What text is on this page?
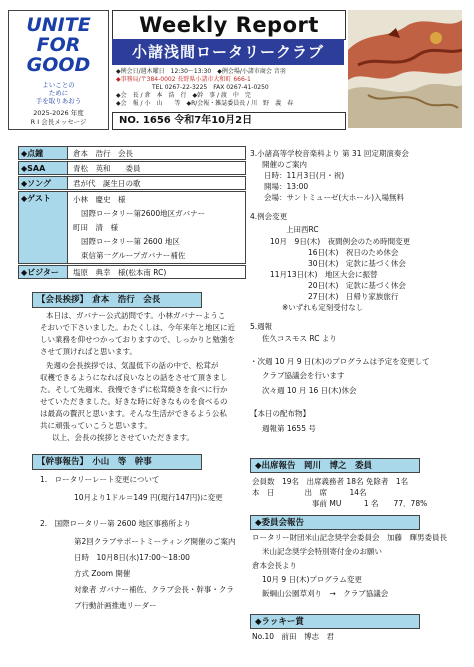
UNITE
FOR
GOOD
よいことの
ために
手を取りあおう
2025-2026 年度
R I 会長メッセージ
Weekly Report
小諸浅間ロータリークラブ
◆例会日/週木曜日　12:30～13:30　◆例会場/小諸市商会 音羽
◆事務局/〒384-0002 長野県小諸市大和町 666-1
TEL 0267-22-3225　FAX 0267-41-0250
◆会　長 / 倉　本　浩　行　◆幹　事 / 渡　中　完
◆会　報 / 小　山　　等　◆R/会報・雑誌委員長 / 川　野　義　春
NO. 1656 令和7年10月2日
◆点鐘	倉本　浩行　会長
◆SAA	青松　英和　　委員
◆ソング	君が代　誕生日の歌
◆ゲスト	小林　慶史　様
国際ロータリー第2600地区ガバナー
町田　清　様
国際ロータリー第 2600 地区
東信第一グループガバナー補佐
◆ビジター 塩原　典幸　様(松本南 RC)
【会長挨拶】　倉本　浩行　会長
本日は、ガバナー公式訪問です。小林ガバナーようこ
そおいで下さいました。わたくしは、今年来年と地区に近
しい業務を仰せつかっておりますので、しっかりと勉強を
させて頂ければと思います。
先週の会長挨拶では、気温低下の話の中で、松茸が
収穫できるようになれば良いなとの話をさせて頂きまし
た。そして先週末、我慢できずに松茸焼きを食べに行か
せていただきました。好きな時に好きなものを食べるの
は最高の贅沢と思います。そんな生活ができるよう公私
共に頑張っていこうと思います。
以上、会長の挨拶とさせていただきます。
【幹事報告】　小山　等　幹事
1.　ロータリーレート変更について
10月より1ドル＝149 円(現行147円)に変更
2.　国際ロータリー第 2600 地区事務所より
第2回クラブサポートミーティング開催のご案内
日時　10月8日(水)17:00～18:00
方式 Zoom 開催
対象者 ガバナー補佐、クラブ会長・幹事・クラ
ブ行動計画推進リーダー
3.小諸高等学校音楽科より 第 31 回定期演奏会
開催のご案内
日時：11月3日(月・祝)
開場：13:00
会場：サントミューゼ(大ホール)入場無料
4.例会変更
上田西RC
10月　9日(木)　夜間例会のため時間変更
16日(木)　祝日のため休会
30日(木)　定款に基づく休会
11月13日(木)　地区大会に振替
20日(木)　定款に基づく休会
27日(木)　日帰り家族旅行
※いずれも定刻受付なし
5.週報
佐久コスモス RC より
・次週 10 月 9 日(木)のプログラムは予定を変更して
クラブ協議会を行います
次々週 10 月 16 日(木)休会
【本日の配布物】
週報第 1655 号
◆出席報告　岡川　博之　委員
会員数　19名　出席義務者 18名 免除者　1名
本　日　　　　出　席　　　14名
事前 MU　　　1 名　　77．78%
◆委員会報告
ロータリー財団米山記念奨学会委員会　加藤　輝男委員長
米山記念奨学会特別寄付金のお願い
倉本会長より
10月 9 日(木)プログラム変更
飯綱山公園草刈り　→　クラブ協議会
◆ラッキー賞
No.10　前田　博志　君
